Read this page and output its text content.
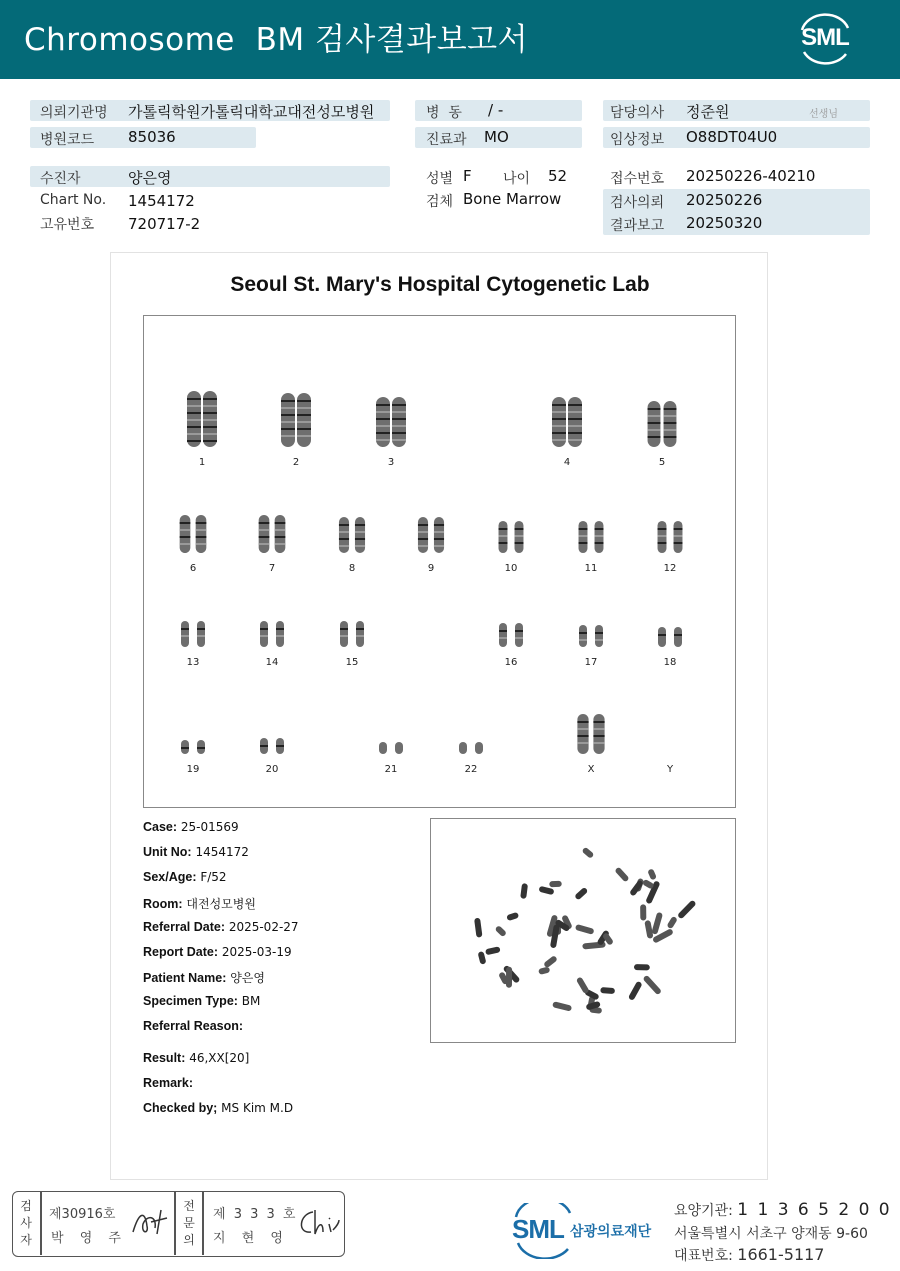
Chromosome  BM 검사결과보고서	SML
의뢰기관명 가톨릭학원가톨릭대학교대전성모병원
병원코드 85036
병  동 / -
진료과 MO
담당의사 정준원	선생님
임상정보 O88DT04U0
수진자	양은영
Chart No. 1454172
고유번호 720717-2
성별 F 나이 52
검체 Bone Marrow
접수번호 20250226-40210
검사의뢰 20250226
결과보고 20250320
Seoul St. Mary's Hospital Cytogenetic Lab
1	2	3	4	5
6	7	8	9	10	11	12
13	14	15	16	17	18
19	20	21	22	X	Y
Case: 25-01569
Unit No: 1454172
Sex/Age: F/52
Room: 대전성모병원
Referral Date: 2025-02-27
Report Date: 2025-03-19
Patient Name: 양은영
Specimen Type: BM
Referral Reason:
Result: 46,XX[20]
Remark:
Checked by; MS Kim M.D
검
사
자
제30916호
박 영 주
전
문
의
제 3 3 3 호
지 현 영	SML 삼광의료재단
요양기관: 1 1 3 6 5 2 0 0
서울특별시 서초구 양재동 9-60
대표번호: 1661-5117
